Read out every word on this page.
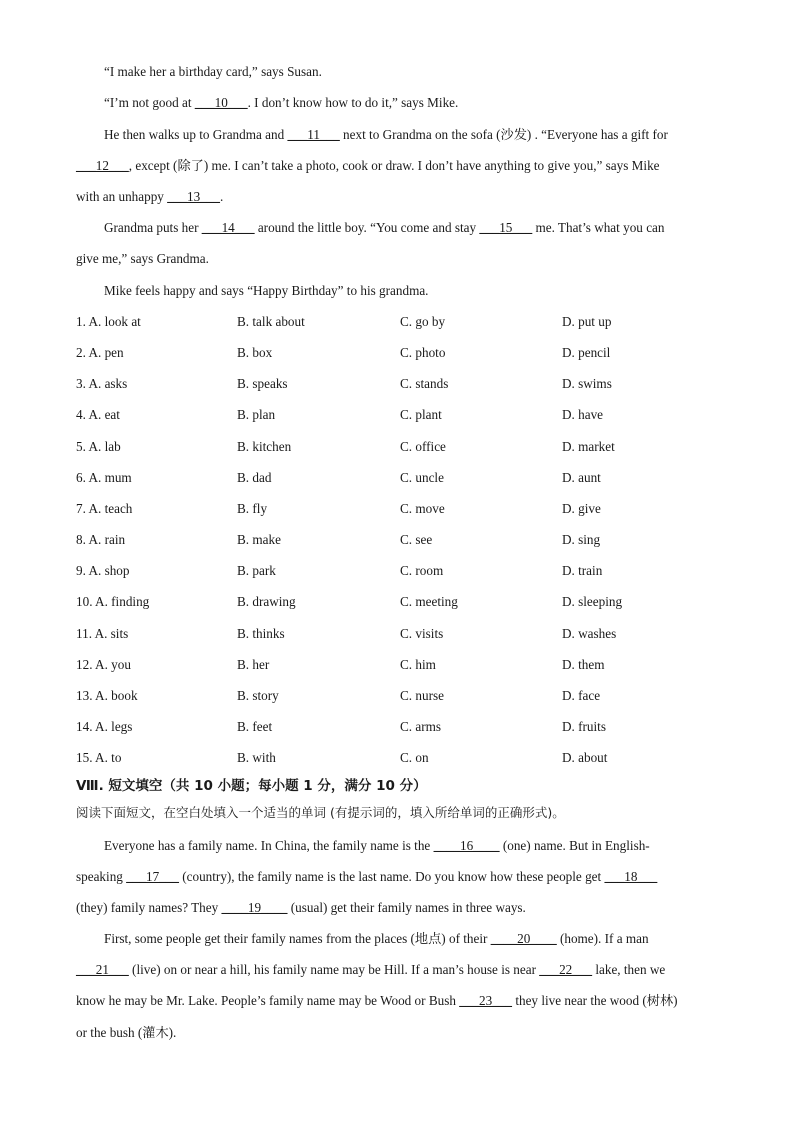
“I make her a birthday card,” says Susan.

“I’m not good at ___10___. I don’t know how to do it,” says Mike.

He then walks up to Grandma and ___11___ next to Grandma on the sofa (沙发) . “Everyone has a gift for

___12___, except (除了) me. I can’t take a photo, cook or draw. I don’t have anything to give you,” says Mike

with an unhappy ___13___.

Grandma puts her ___14___ around the little boy. “You come and stay ___15___ me. That’s what you can

give me,” says Grandma.

Mike feels happy and says “Happy Birthday” to his grandma.

1. A. look at	B. talk about	C. go by	D. put up
2. A. pen	B. box	C. photo	D. pencil
3. A. asks	B. speaks	C. stands	D. swims
4. A. eat	B. plan	C. plant	D. have
5. A. lab	B. kitchen	C. office	D. market
6. A. mum	B. dad	C. uncle	D. aunt
7. A. teach	B. fly	C. move	D. give
8. A. rain	B. make	C. see	D. sing
9. A. shop	B. park	C. room	D. train
10. A. finding	B. drawing	C. meeting	D. sleeping
11. A. sits	B. thinks	C. visits	D. washes
12. A. you	B. her	C. him	D. them
13. A. book	B. story	C. nurse	D. face
14. A. legs	B. feet	C. arms	D. fruits
15. A. to	B. with	C. on	D. about

Ⅷ. 短文填空（共 10 小题；每小题 1 分，满分 10 分）

阅读下面短文，在空白处填入一个适当的单词 (有提示词的，填入所给单词的正确形式)。

Everyone has a family name. In China, the family name is the ____16____ (one) name. But in English-

speaking ___17___ (country), the family name is the last name. Do you know how these people get ___18___

(they) family names? They ____19____ (usual) get their family names in three ways.

First, some people get their family names from the places (地点) of their ____20____ (home). If a man

___21___ (live) on or near a hill, his family name may be Hill. If a man’s house is near ___22___ lake, then we

know he may be Mr. Lake. People’s family name may be Wood or Bush ___23___ they live near the wood (树林)

or the bush (灌木).
